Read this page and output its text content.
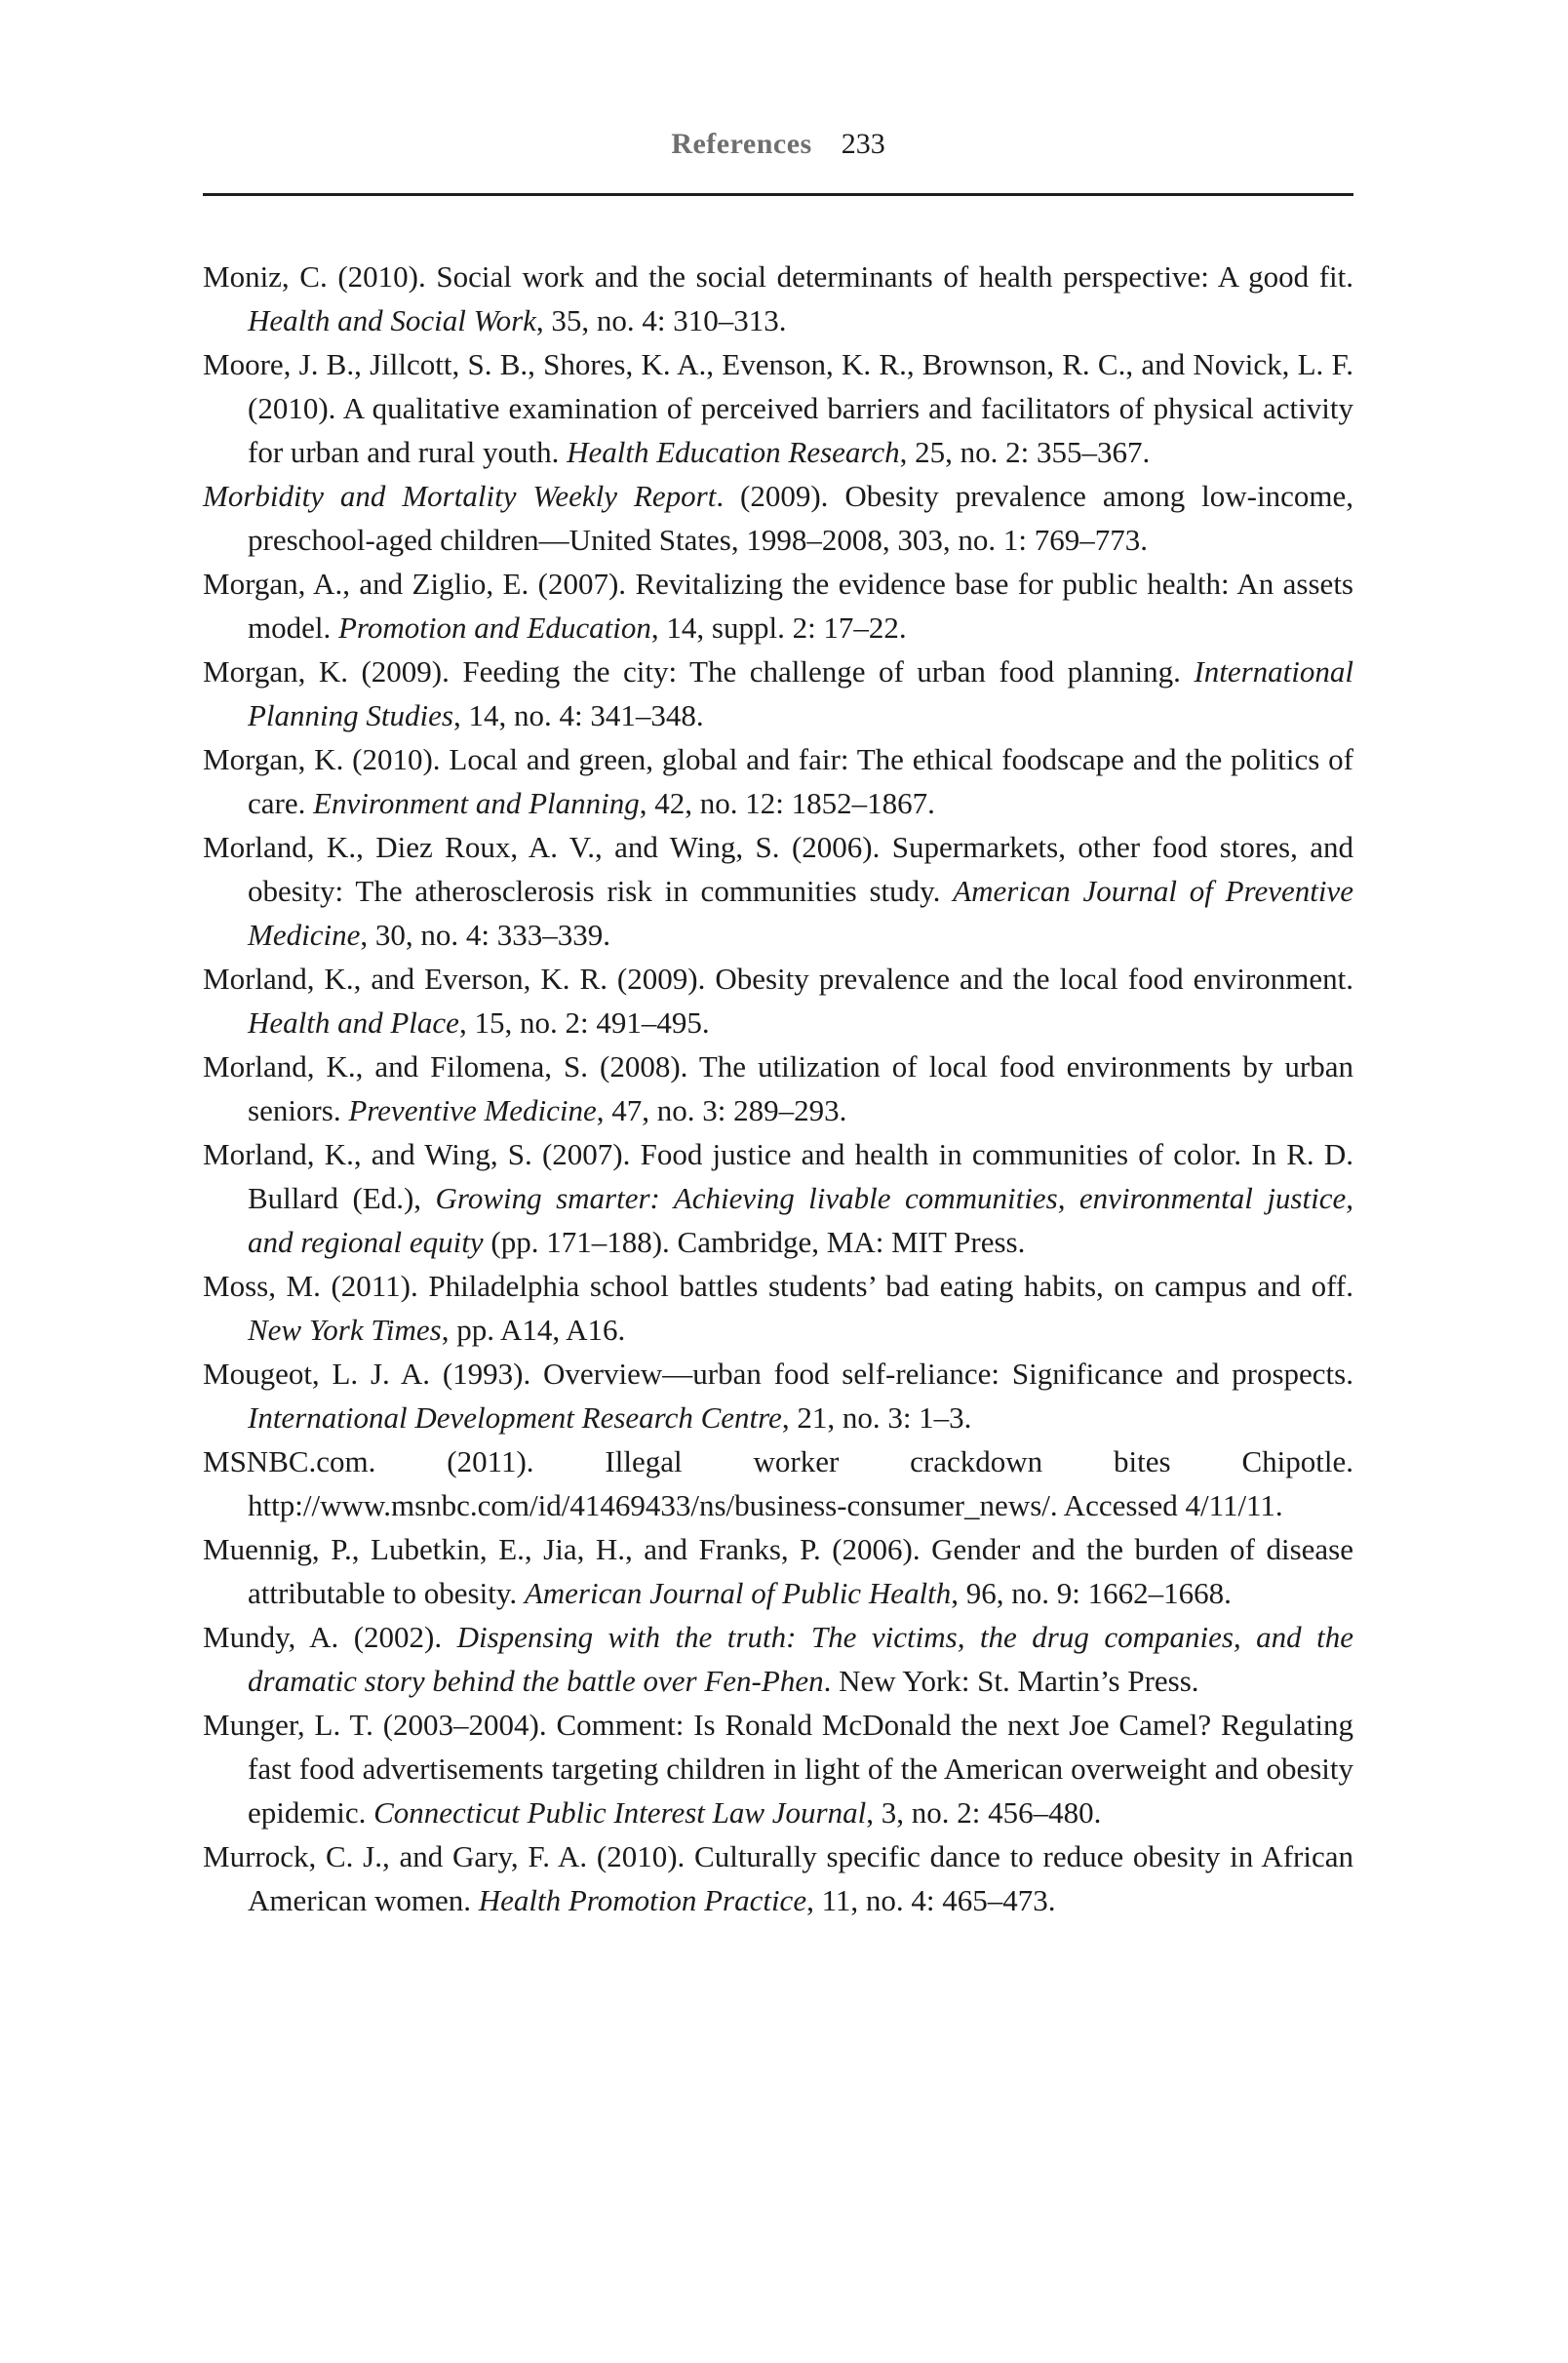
References 233

Moniz, C. (2010). Social work and the social determinants of health perspective: A good fit. Health and Social Work, 35, no. 4: 310–313.

Moore, J. B., Jillcott, S. B., Shores, K. A., Evenson, K. R., Brownson, R. C., and Novick, L. F. (2010). A qualitative examination of perceived barriers and facilitators of physical activity for urban and rural youth. Health Education Research, 25, no. 2: 355–367.

Morbidity and Mortality Weekly Report. (2009). Obesity prevalence among low-income, preschool-aged children—United States, 1998–2008, 303, no. 1: 769–773.

Morgan, A., and Ziglio, E. (2007). Revitalizing the evidence base for public health: An assets model. Promotion and Education, 14, suppl. 2: 17–22.

Morgan, K. (2009). Feeding the city: The challenge of urban food planning. International Planning Studies, 14, no. 4: 341–348.

Morgan, K. (2010). Local and green, global and fair: The ethical foodscape and the politics of care. Environment and Planning, 42, no. 12: 1852–1867.

Morland, K., Diez Roux, A. V., and Wing, S. (2006). Supermarkets, other food stores, and obesity: The atherosclerosis risk in communities study. American Journal of Preventive Medicine, 30, no. 4: 333–339.

Morland, K., and Everson, K. R. (2009). Obesity prevalence and the local food environment. Health and Place, 15, no. 2: 491–495.

Morland, K., and Filomena, S. (2008). The utilization of local food environments by urban seniors. Preventive Medicine, 47, no. 3: 289–293.

Morland, K., and Wing, S. (2007). Food justice and health in communities of color. In R. D. Bullard (Ed.), Growing smarter: Achieving livable communities, environmental justice, and regional equity (pp. 171–188). Cambridge, MA: MIT Press.

Moss, M. (2011). Philadelphia school battles students’ bad eating habits, on campus and off. New York Times, pp. A14, A16.

Mougeot, L. J. A. (1993). Overview—urban food self-reliance: Significance and prospects. International Development Research Centre, 21, no. 3: 1–3.

MSNBC.com. (2011). Illegal worker crackdown bites Chipotle. http://www.msnbc.com/id/41469433/ns/business-consumer_news/. Accessed 4/11/11.

Muennig, P., Lubetkin, E., Jia, H., and Franks, P. (2006). Gender and the burden of disease attributable to obesity. American Journal of Public Health, 96, no. 9: 1662–1668.

Mundy, A. (2002). Dispensing with the truth: The victims, the drug companies, and the dramatic story behind the battle over Fen-Phen. New York: St. Martin’s Press.

Munger, L. T. (2003–2004). Comment: Is Ronald McDonald the next Joe Camel? Regulating fast food advertisements targeting children in light of the American overweight and obesity epidemic. Connecticut Public Interest Law Journal, 3, no. 2: 456–480.

Murrock, C. J., and Gary, F. A. (2010). Culturally specific dance to reduce obesity in African American women. Health Promotion Practice, 11, no. 4: 465–473.
